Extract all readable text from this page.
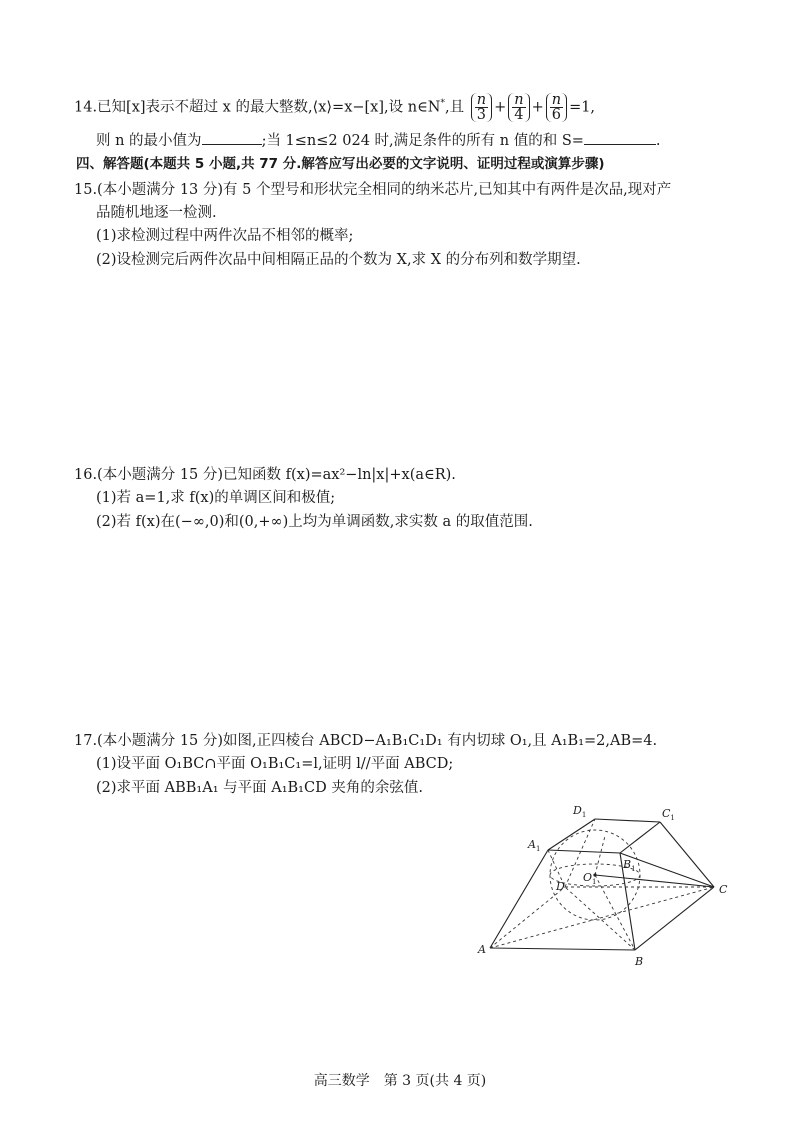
14.已知[x]表示不超过 x 的最大整数,⟨x⟩=x−[x],设 n∈N*,且 $\frac{n}{3} + \frac{n}{4} + \frac{n}{6} =1$,
则 n 的最小值为	;当 1≤n≤2 024 时,满足条件的所有 n 值的和 S=	.
四、解答题(本题共 5 小题,共 77 分.解答应写出必要的文字说明、证明过程或演算步骤)
15.(本小题满分 13 分)有 5 个型号和形状完全相同的纳米芯片,已知其中有两件是次品,现对产
品随机地逐一检测.
(1)求检测过程中两件次品不相邻的概率;
(2)设检测完后两件次品中间相隔正品的个数为 X,求 X 的分布列和数学期望.
16.(本小题满分 15 分)已知函数 f(x)=ax²−ln|x|+x(a∈R).
(1)若 a=1,求 f(x)的单调区间和极值;
(2)若 f(x)在(−∞,0)和(0,+∞)上均为单调函数,求实数 a 的取值范围.
17.(本小题满分 15 分)如图,正四棱台 ABCD−A₁B₁C₁D₁ 有内切球 O₁,且 A₁B₁=2,AB=4.
(1)设平面 O₁BC∩平面 O₁B₁C₁=l,证明 l//平面 ABCD;
(2)求平面 ABB₁A₁ 与平面 A₁B₁CD 夹角的余弦值.
A
B
C
D
$A_1$
$B_1$
$C_1$
$D_1$
$O_1$
高三数学　第 3 页(共 4 页)
